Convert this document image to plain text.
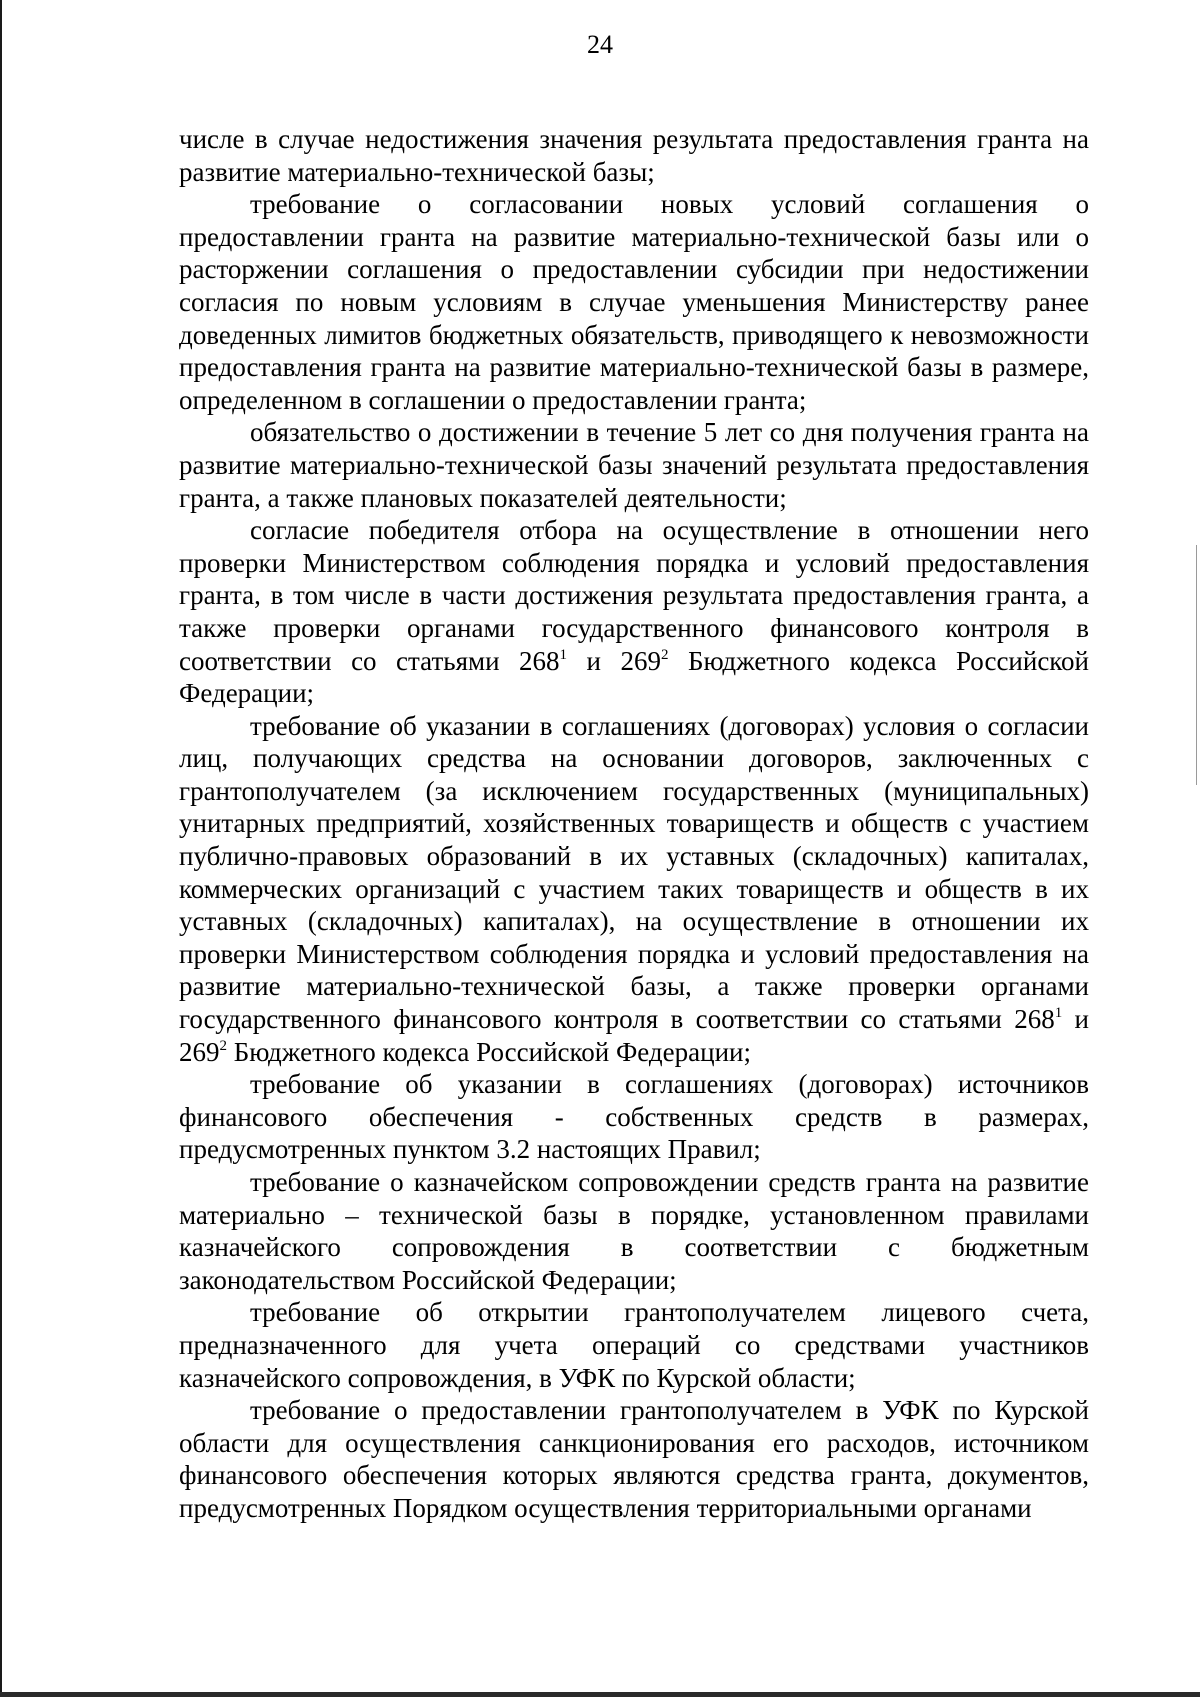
24

числе в случае недостижения значения результата предоставления гранта на развитие материально-технической базы;

требование о согласовании новых условий соглашения о предоставлении гранта на развитие материально-технической базы или о расторжении соглашения о предоставлении субсидии при недостижении согласия по новым условиям в случае уменьшения Министерству ранее доведенных лимитов бюджетных обязательств, приводящего к невозможности предоставления гранта на развитие материально-технической базы в размере, определенном в соглашении о предоставлении гранта;

обязательство о достижении в течение 5 лет со дня получения гранта на развитие материально-технической базы значений результата предоставления гранта, а также плановых показателей деятельности;

согласие победителя отбора на осуществление в отношении него проверки Министерством соблюдения порядка и условий предоставления гранта, в том числе в части достижения результата предоставления гранта, а также проверки органами государственного финансового контроля в соответствии со статьями $268^1$ и $269^2$ Бюджетного кодекса Российской Федерации;

требование об указании в соглашениях (договорах) условия о согласии лиц, получающих средства на основании договоров, заключенных с грантополучателем (за исключением государственных (муниципальных) унитарных предприятий, хозяйственных товариществ и обществ с участием публично-правовых образований в их уставных (складочных) капиталах, коммерческих организаций с участием таких товариществ и обществ в их уставных (складочных) капиталах), на осуществление в отношении их проверки Министерством соблюдения порядка и условий предоставления на развитие материально-технической базы, а также проверки органами государственного финансового контроля в соответствии со статьями $268^1$ и $269^2$ Бюджетного кодекса Российской Федерации;

требование об указании в соглашениях (договорах) источников финансового обеспечения - собственных средств в размерах, предусмотренных пунктом 3.2 настоящих Правил;

требование о казначейском сопровождении средств гранта на развитие материально – технической базы в порядке, установленном правилами казначейского сопровождения в соответствии с бюджетным законодательством Российской Федерации;

требование об открытии грантополучателем лицевого счета, предназначенного для учета операций со средствами участников казначейского сопровождения, в УФК по Курской области;

требование о предоставлении грантополучателем в УФК по Курской области для осуществления санкционирования его расходов, источником финансового обеспечения которых являются средства гранта, документов, предусмотренных Порядком осуществления территориальными органами
